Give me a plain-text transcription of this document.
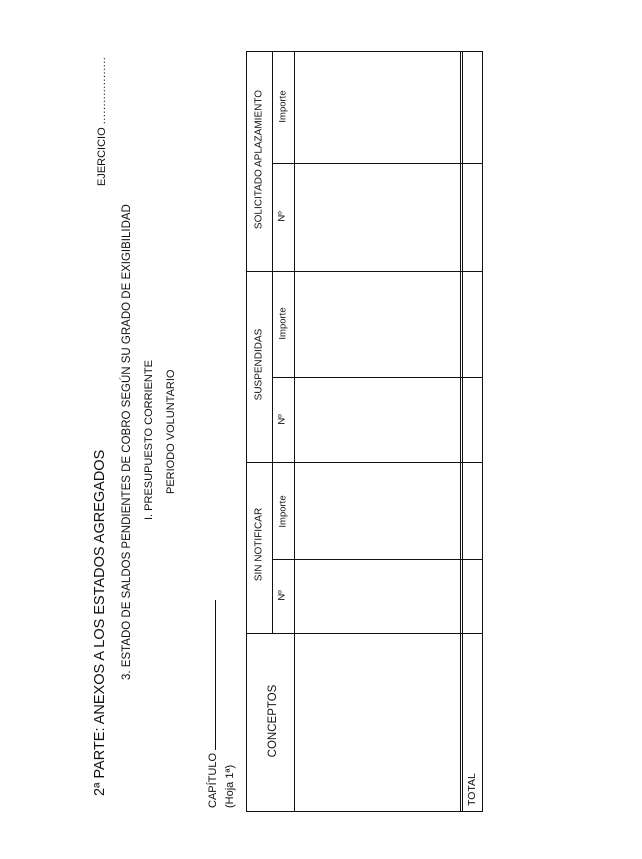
2ª PARTE: ANEXOS A LOS ESTADOS AGREGADOS 3. ESTADO DE SALDOS PENDIENTES DE COBRO SEGÚN SU GRADO DE EXIGIBILIDAD I. PRESUPUESTO CORRIENTE PERIODO VOLUNTARIO
EJERCICIO ...................
CAPÍTULO (Hoja 1ª)
CONCEPTOS
SIN NOTIFICAR
SUSPENDIDAS
SOLICITADO APLAZAMIENTO
Nº
Importe
Nº
Importe
Nº
Importe
TOTAL
